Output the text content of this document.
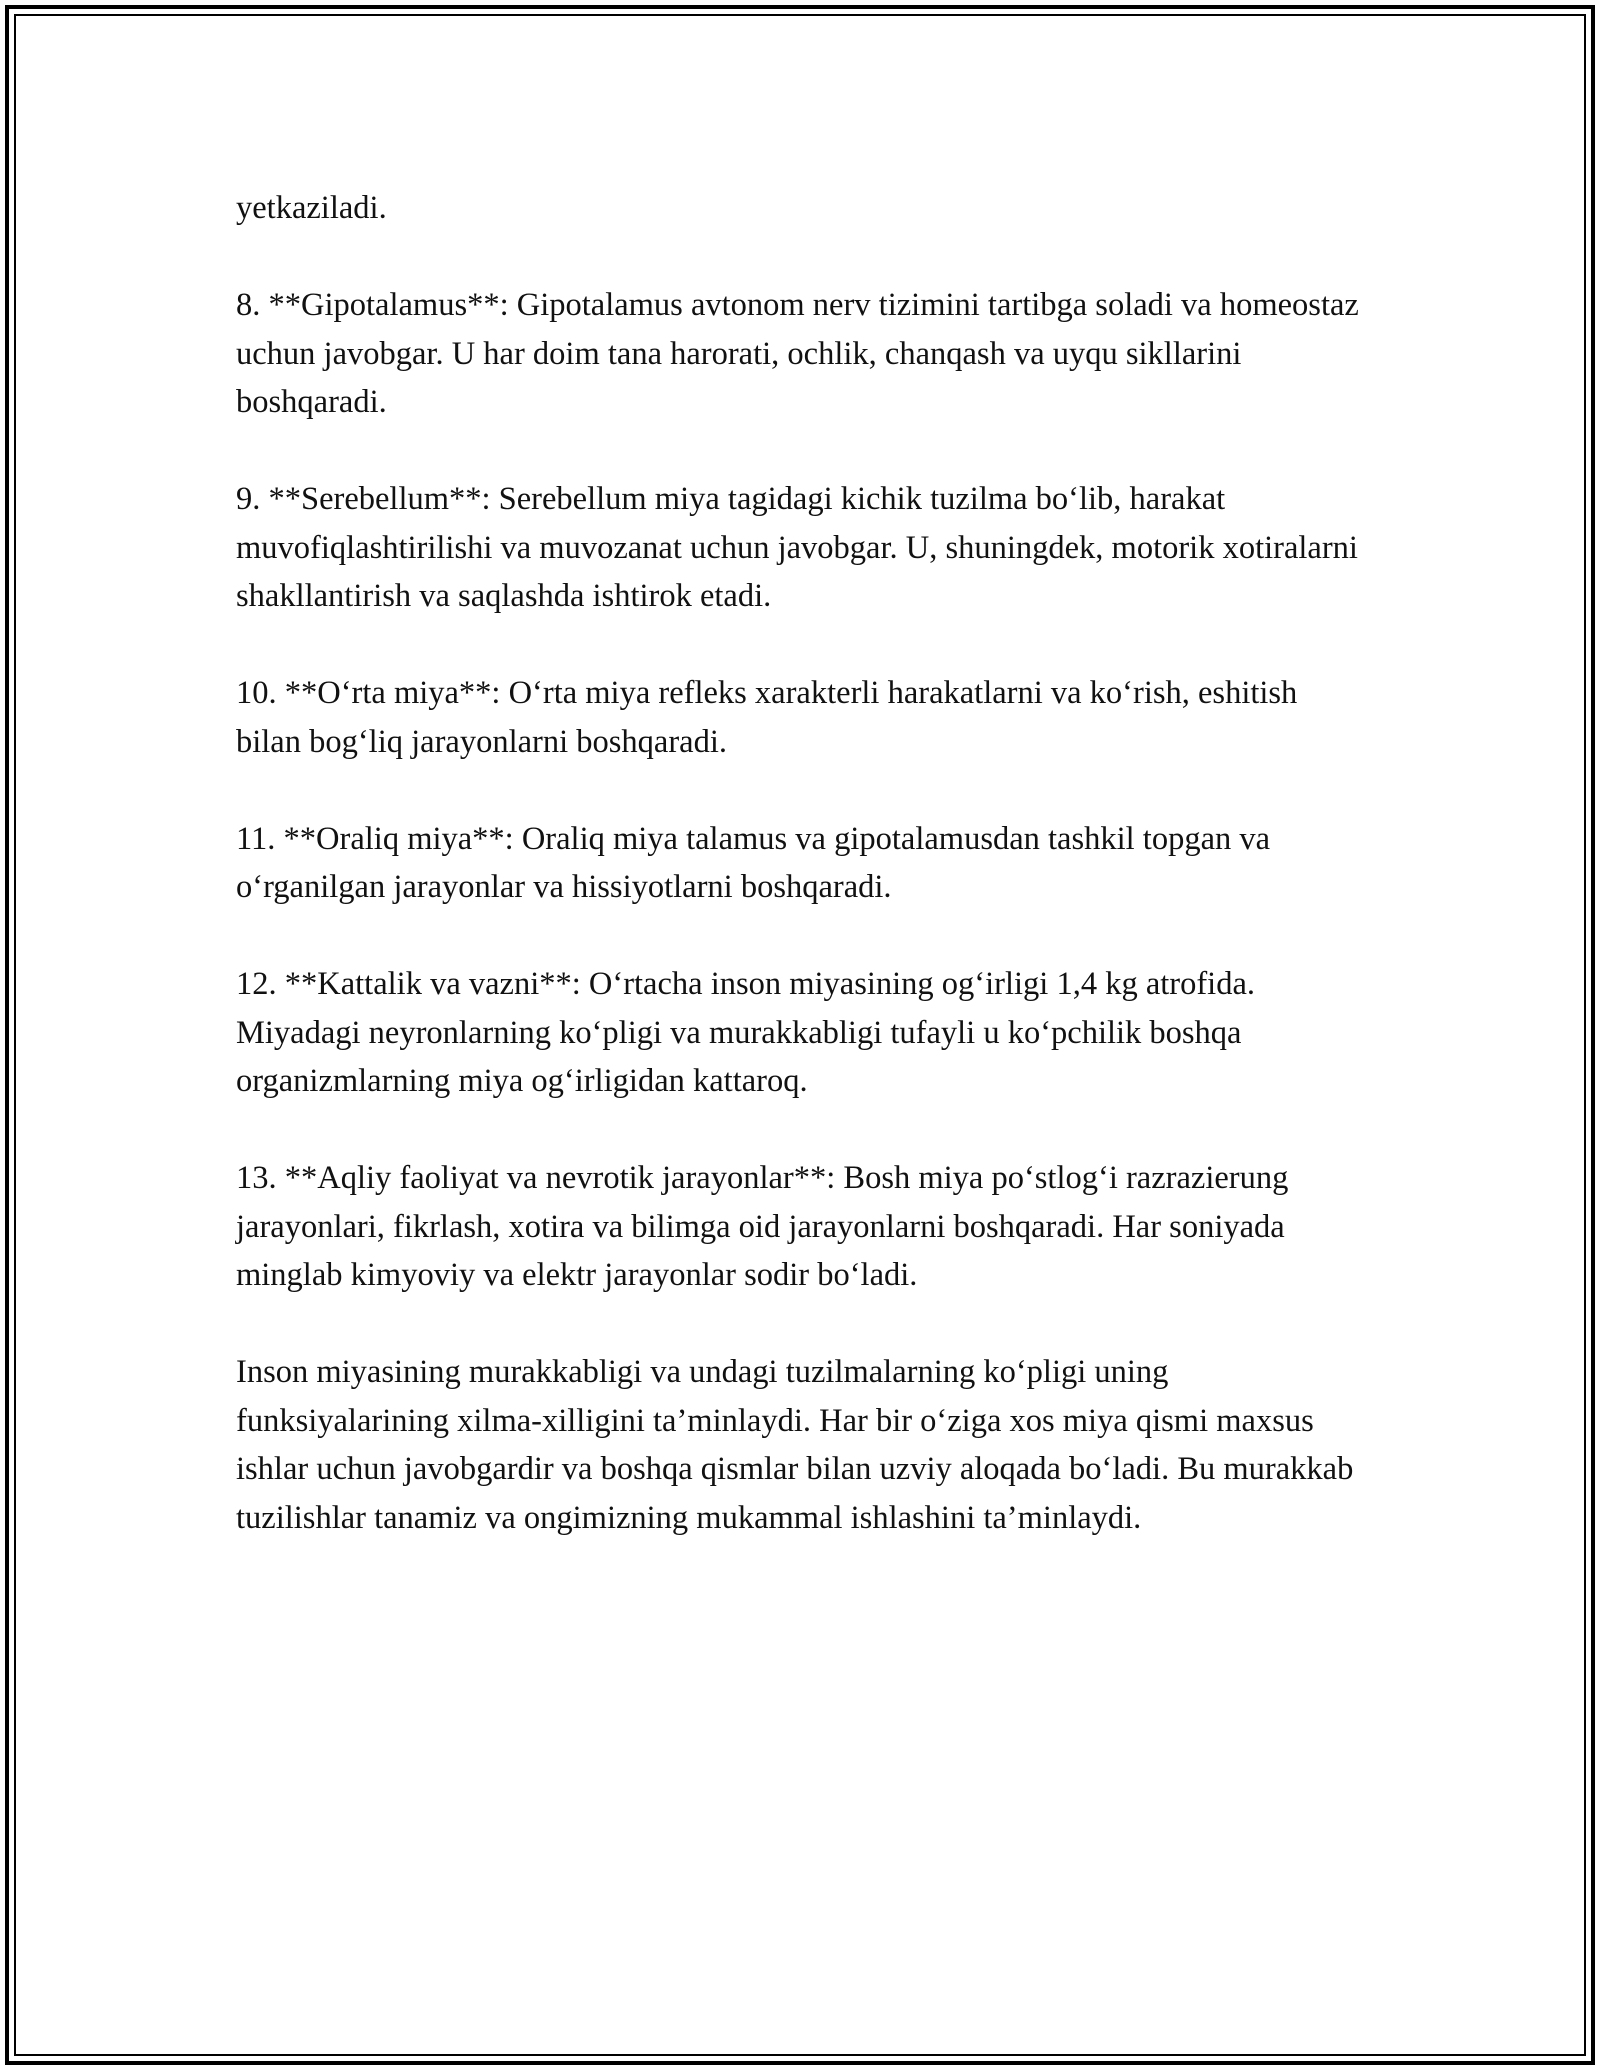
yetkaziladi.

8. **Gipotalamus**: Gipotalamus avtonom nerv tizimini tartibga soladi va homeostaz uchun javobgar. U har doim tana harorati, ochlik, chanqash va uyqu sikllarini boshqaradi.

9. **Serebellum**: Serebellum miya tagidagi kichik tuzilma bo‘lib, harakat muvofiqlashtirilishi va muvozanat uchun javobgar. U, shuningdek, motorik xotiralarni shakllantirish va saqlashda ishtirok etadi.

10. **O‘rta miya**: O‘rta miya refleks xarakterli harakatlarni va ko‘rish, eshitish bilan bog‘liq jarayonlarni boshqaradi.

11. **Oraliq miya**: Oraliq miya talamus va gipotalamusdan tashkil topgan va o‘rganilgan jarayonlar va hissiyotlarni boshqaradi.

12. **Kattalik va vazni**: O‘rtacha inson miyasining og‘irligi 1,4 kg atrofida. Miyadagi neyronlarning ko‘pligi va murakkabligi tufayli u ko‘pchilik boshqa organizmlarning miya og‘irligidan kattaroq.

13. **Aqliy faoliyat va nevrotik jarayonlar**: Bosh miya po‘stlog‘i razrazierung jarayonlari, fikrlash, xotira va bilimga oid jarayonlarni boshqaradi. Har soniyada minglab kimyoviy va elektr jarayonlar sodir bo‘ladi.

Inson miyasining murakkabligi va undagi tuzilmalarning ko‘pligi uning funksiyalarining xilma-xilligini ta’minlaydi. Har bir o‘ziga xos miya qismi maxsus ishlar uchun javobgardir va boshqa qismlar bilan uzviy aloqada bo‘ladi. Bu murakkab tuzilishlar tanamiz va ongimizning mukammal ishlashini ta’minlaydi.
